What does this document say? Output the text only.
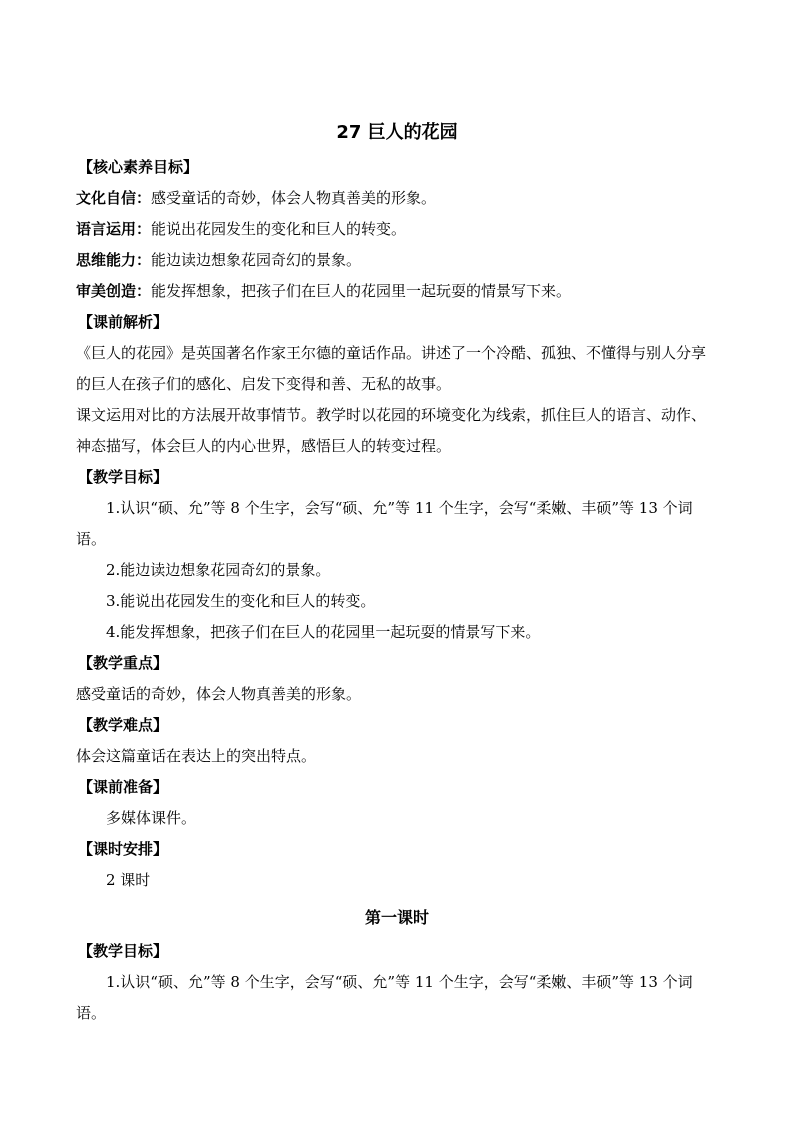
27 巨人的花园
【核心素养目标】
文化自信：感受童话的奇妙，体会人物真善美的形象。
语言运用：能说出花园发生的变化和巨人的转变。
思维能力：能边读边想象花园奇幻的景象。
审美创造：能发挥想象，把孩子们在巨人的花园里一起玩耍的情景写下来。
【课前解析】
《巨人的花园》是英国著名作家王尔德的童话作品。讲述了一个冷酷、孤独、不懂得与别人分享的巨人在孩子们的感化、启发下变得和善、无私的故事。
课文运用对比的方法展开故事情节。教学时以花园的环境变化为线索，抓住巨人的语言、动作、神态描写，体会巨人的内心世界，感悟巨人的转变过程。
【教学目标】
1.认识“硕、允”等 8 个生字，会写“硕、允”等 11 个生字，会写“柔嫩、丰硕”等 13 个词语。
2.能边读边想象花园奇幻的景象。
3.能说出花园发生的变化和巨人的转变。
4.能发挥想象，把孩子们在巨人的花园里一起玩耍的情景写下来。
【教学重点】
感受童话的奇妙，体会人物真善美的形象。
【教学难点】
体会这篇童话在表达上的突出特点。
【课前准备】
多媒体课件。
【课时安排】
2 课时
第一课时
【教学目标】
1.认识“硕、允”等 8 个生字，会写“硕、允”等 11 个生字，会写“柔嫩、丰硕”等 13 个词语。
